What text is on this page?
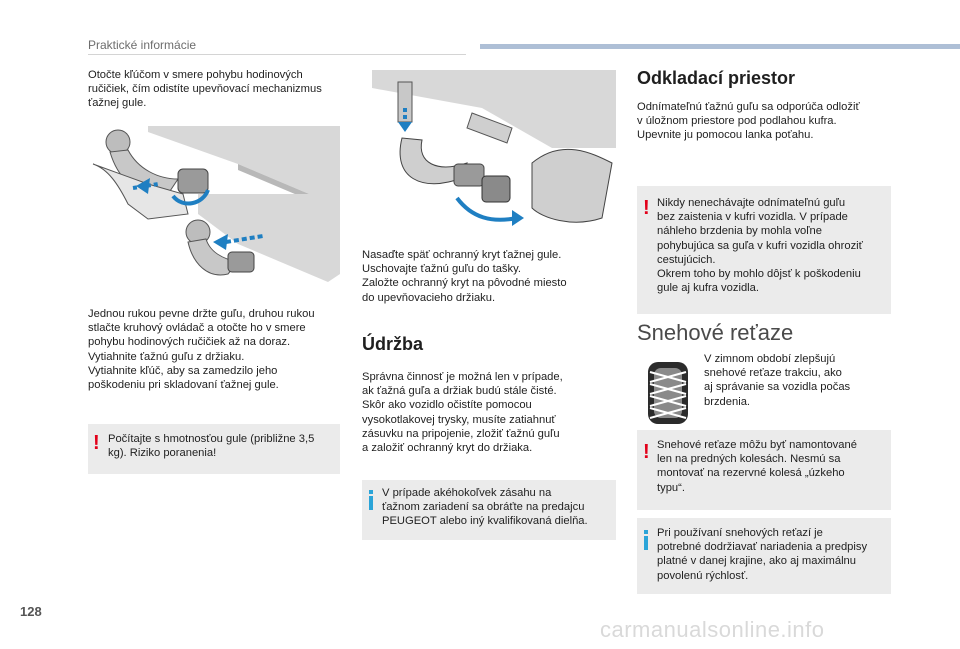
Praktické informácie
Otočte kľúčom v smere pohybu hodinových
ručičiek, čím odistíte upevňovací mechanizmus
ťažnej gule.
Jednou rukou pevne držte guľu, druhou rukou
stlačte kruhový ovládač a otočte ho v smere
pohybu hodinových ručičiek až na doraz.
Vytiahnite ťažnú guľu z držiaku.
Vytiahnite kľúč, aby sa zamedzilo jeho
poškodeniu pri skladovaní ťažnej gule.
! Počítajte s hmotnosťou gule (približne 3,5
kg). Riziko poranenia!
Nasaďte späť ochranný kryt ťažnej gule.
Uschovajte ťažnú guľu do tašky.
Založte ochranný kryt na pôvodné miesto
do upevňovacieho držiaku.
Údržba
Správna činnosť je možná len v prípade,
ak ťažná guľa a držiak budú stále čisté.
Skôr ako vozidlo očistíte pomocou
vysokotlakovej trysky, musíte zatiahnuť
zásuvku na pripojenie, zložiť ťažnú guľu
a založiť ochranný kryt do držiaka.
V prípade akéhokoľvek zásahu na
ťažnom zariadení sa obráťte na predajcu
PEUGEOT alebo iný kvalifikovaná dielňa.
Odkladací priestor
Odnímateľnú ťažnú guľu sa odporúča odložiť
v úložnom priestore pod podlahou kufra.
Upevnite ju pomocou lanka poťahu.
! Nikdy nenechávajte odnímateľnú guľu
bez zaistenia v kufri vozidla. V prípade
náhleho brzdenia by mohla voľne
pohybujúca sa guľa v kufri vozidla ohroziť
cestujúcich.
Okrem toho by mohlo dôjsť k poškodeniu
gule aj kufra vozidla.
Snehové reťaze
V zimnom období zlepšujú
snehové reťaze trakciu, ako
aj správanie sa vozidla počas
brzdenia.
! Snehové reťaze môžu byť namontované
len na predných kolesách. Nesmú sa
montovať na rezervné kolesá „úzkeho
typu“.
Pri používaní snehových reťazí je
potrebné dodržiavať nariadenia a predpisy
platné v danej krajine, ako aj maximálnu
povolenú rýchlosť.
128
carmanualsonline.info
